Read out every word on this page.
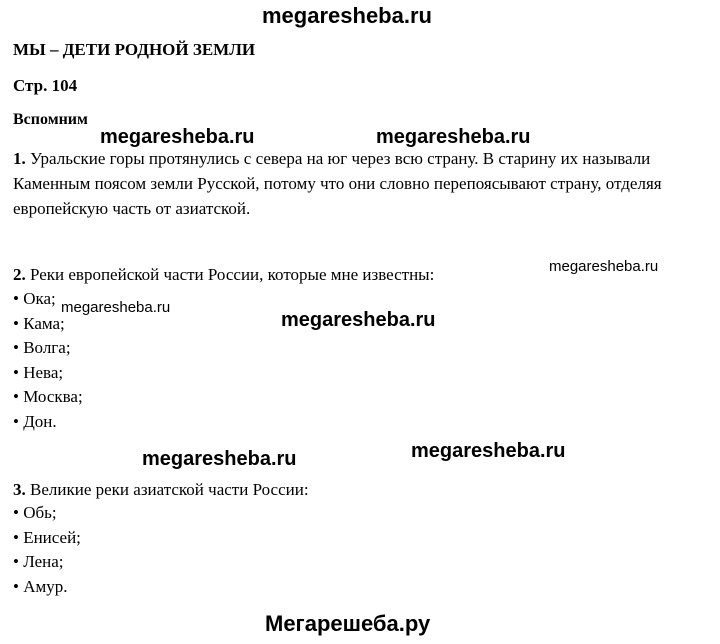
megaresheba.ru
МЫ – ДЕТИ РОДНОЙ ЗЕМЛИ
Стр. 104
Вспомним
megaresheba.ru	megaresheba.ru
1. Уральские горы протянулись с севера на юг через всю страну. В старину их называли Каменным поясом земли Русской, потому что они словно перепоясывают страну, отделяя европейскую часть от азиатской.
2. Реки европейской части России, которые мне известны:	megaresheba.ru
• Ока;
• Кама;
• Волга;
• Нева;
• Москва;
• Дон.
megaresheba.ru
megaresheba.ru
megaresheba.ru	megaresheba.ru
3. Великие реки азиатской части России:
• Обь;
• Енисей;
• Лена;
• Амур.
Мегарешеба.ру
